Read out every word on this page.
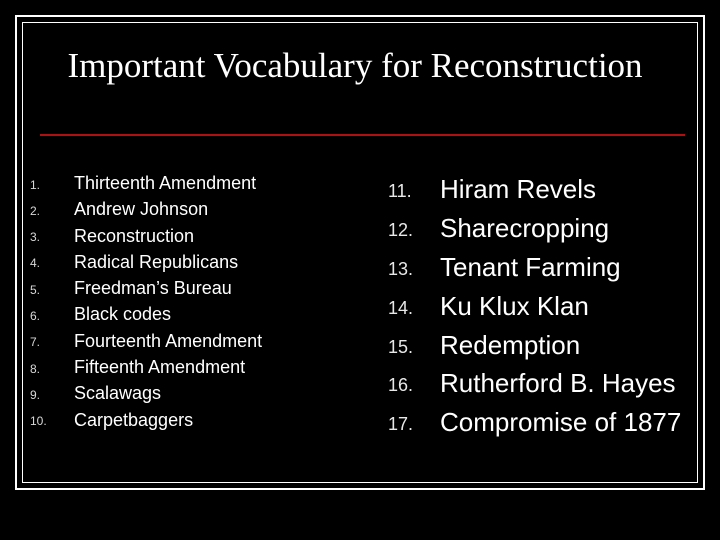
Important Vocabulary for Reconstruction
1.	Thirteenth Amendment
2.	Andrew Johnson
3.	Reconstruction
4.	Radical Republicans
5.	Freedman’s Bureau
6.	Black codes
7.	Fourteenth Amendment
8.	Fifteenth Amendment
9.	Scalawags
10.	Carpetbaggers
11.	Hiram Revels
12.	Sharecropping
13.	Tenant Farming
14.	Ku Klux Klan
15.	Redemption
16.	Rutherford B. Hayes
17.	Compromise of 1877
